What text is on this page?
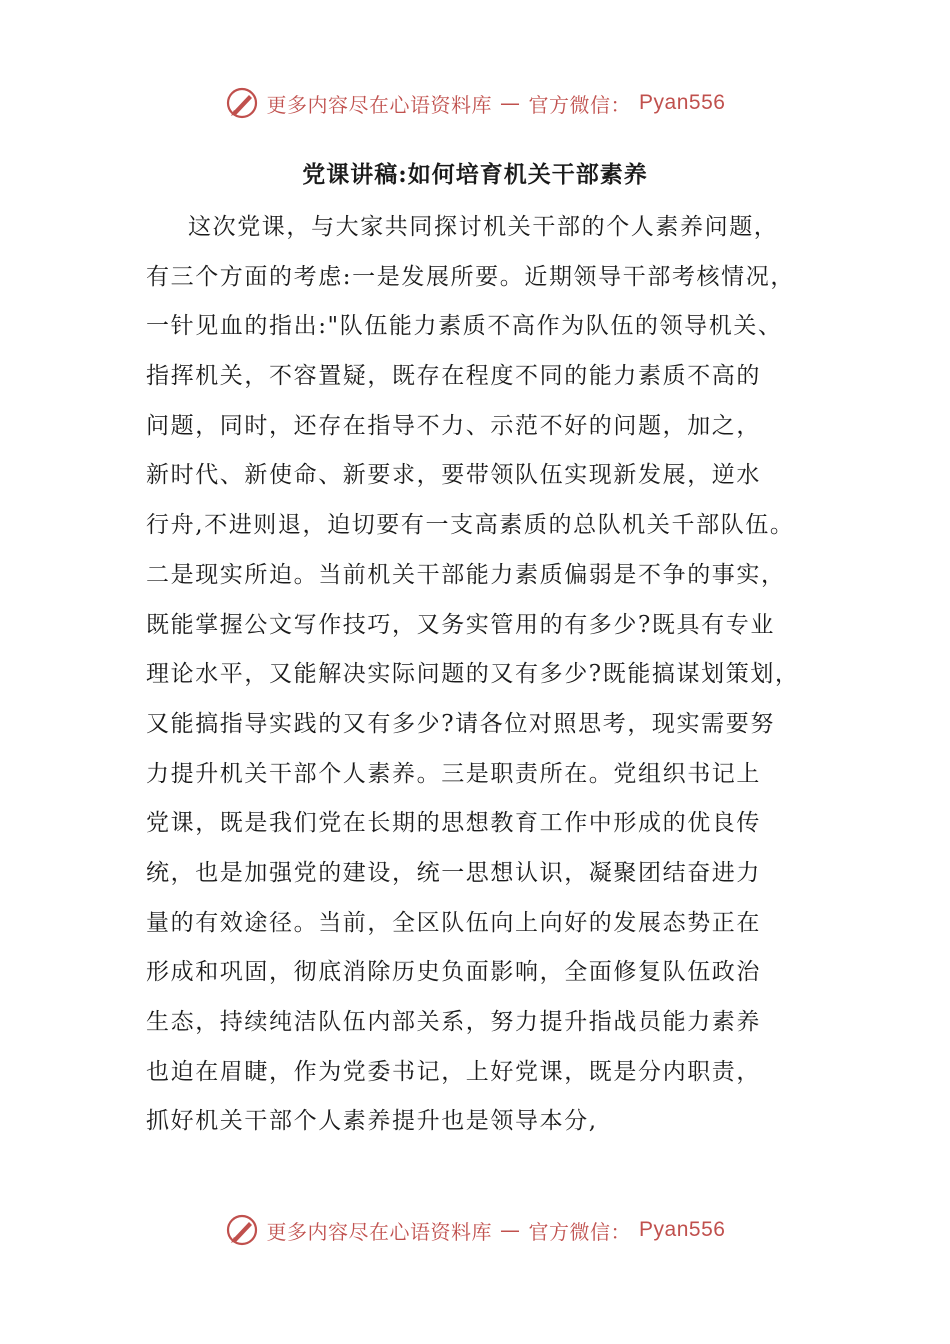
更多内容尽在心语资料库 — 官方微信： Pyan556
党课讲稿:如何培育机关干部素养
这次党课，与大家共同探讨机关干部的个人素养问题，
有三个方面的考虑:一是发展所要。近期领导干部考核情况，
一针见血的指出:"队伍能力素质不高作为队伍的领导机关、
指挥机关，不容置疑，既存在程度不同的能力素质不高的
问题，同时，还存在指导不力、示范不好的问题，加之，
新时代、新使命、新要求，要带领队伍实现新发展，逆水
行舟,不进则退，迫切要有一支高素质的总队机关千部队伍。
二是现实所迫。当前机关干部能力素质偏弱是不争的事实，
既能掌握公文写作技巧，又务实管用的有多少?既具有专业
理论水平，又能解决实际问题的又有多少?既能搞谋划策划，
又能搞指导实践的又有多少?请各位对照思考，现实需要努
力提升机关干部个人素养。三是职责所在。党组织书记上
党课，既是我们党在长期的思想教育工作中形成的优良传
统，也是加强党的建设，统一思想认识，凝聚团结奋进力
量的有效途径。当前，全区队伍向上向好的发展态势正在
形成和巩固，彻底消除历史负面影响，全面修复队伍政治
生态，持续纯洁队伍内部关系，努力提升指战员能力素养
也迫在眉睫，作为党委书记，上好党课，既是分内职责，
抓好机关干部个人素养提升也是领导本分,
更多内容尽在心语资料库 — 官方微信： Pyan556
